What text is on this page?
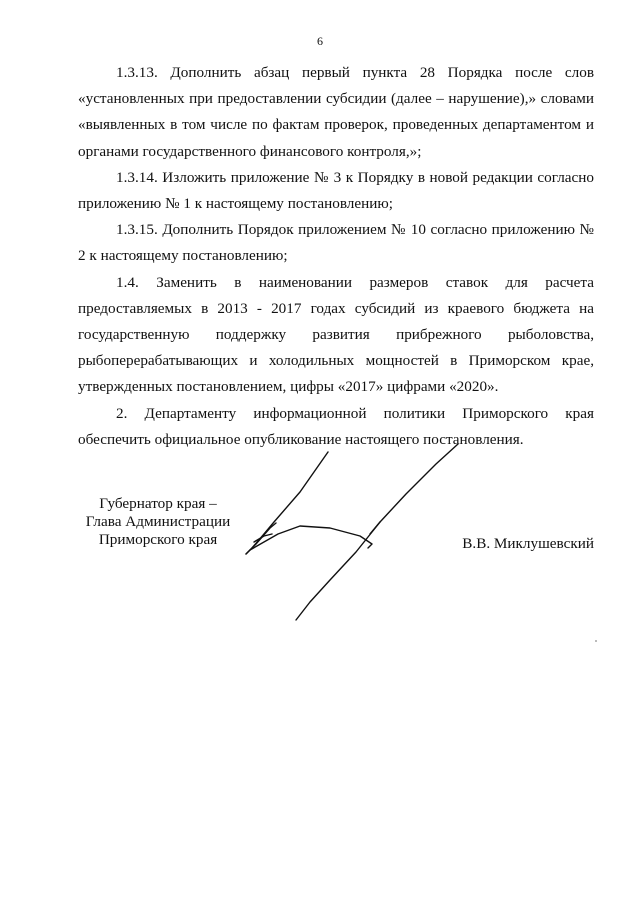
6

1.3.13. Дополнить абзац первый пункта 28 Порядка после слов «установленных при предоставлении субсидии (далее – нарушение),» словами «выявленных в том числе по фактам проверок, проведенных департаментом и органами государственного финансового контроля,»;

1.3.14. Изложить приложение № 3 к Порядку в новой редакции согласно приложению № 1 к настоящему постановлению;

1.3.15. Дополнить Порядок приложением № 10 согласно приложению № 2 к настоящему постановлению;

1.4. Заменить в наименовании размеров ставок для расчета предоставляемых в 2013 - 2017 годах субсидий из краевого бюджета на государственную поддержку развития прибрежного рыболовства, рыбоперерабатывающих и холодильных мощностей в Приморском крае, утвержденных постановлением, цифры «2017» цифрами «2020».

2. Департаменту информационной политики Приморского края обеспечить официальное опубликование настоящего постановления.

Губернатор края –
Глава Администрации
Приморского края	В.В. Миклушевский
